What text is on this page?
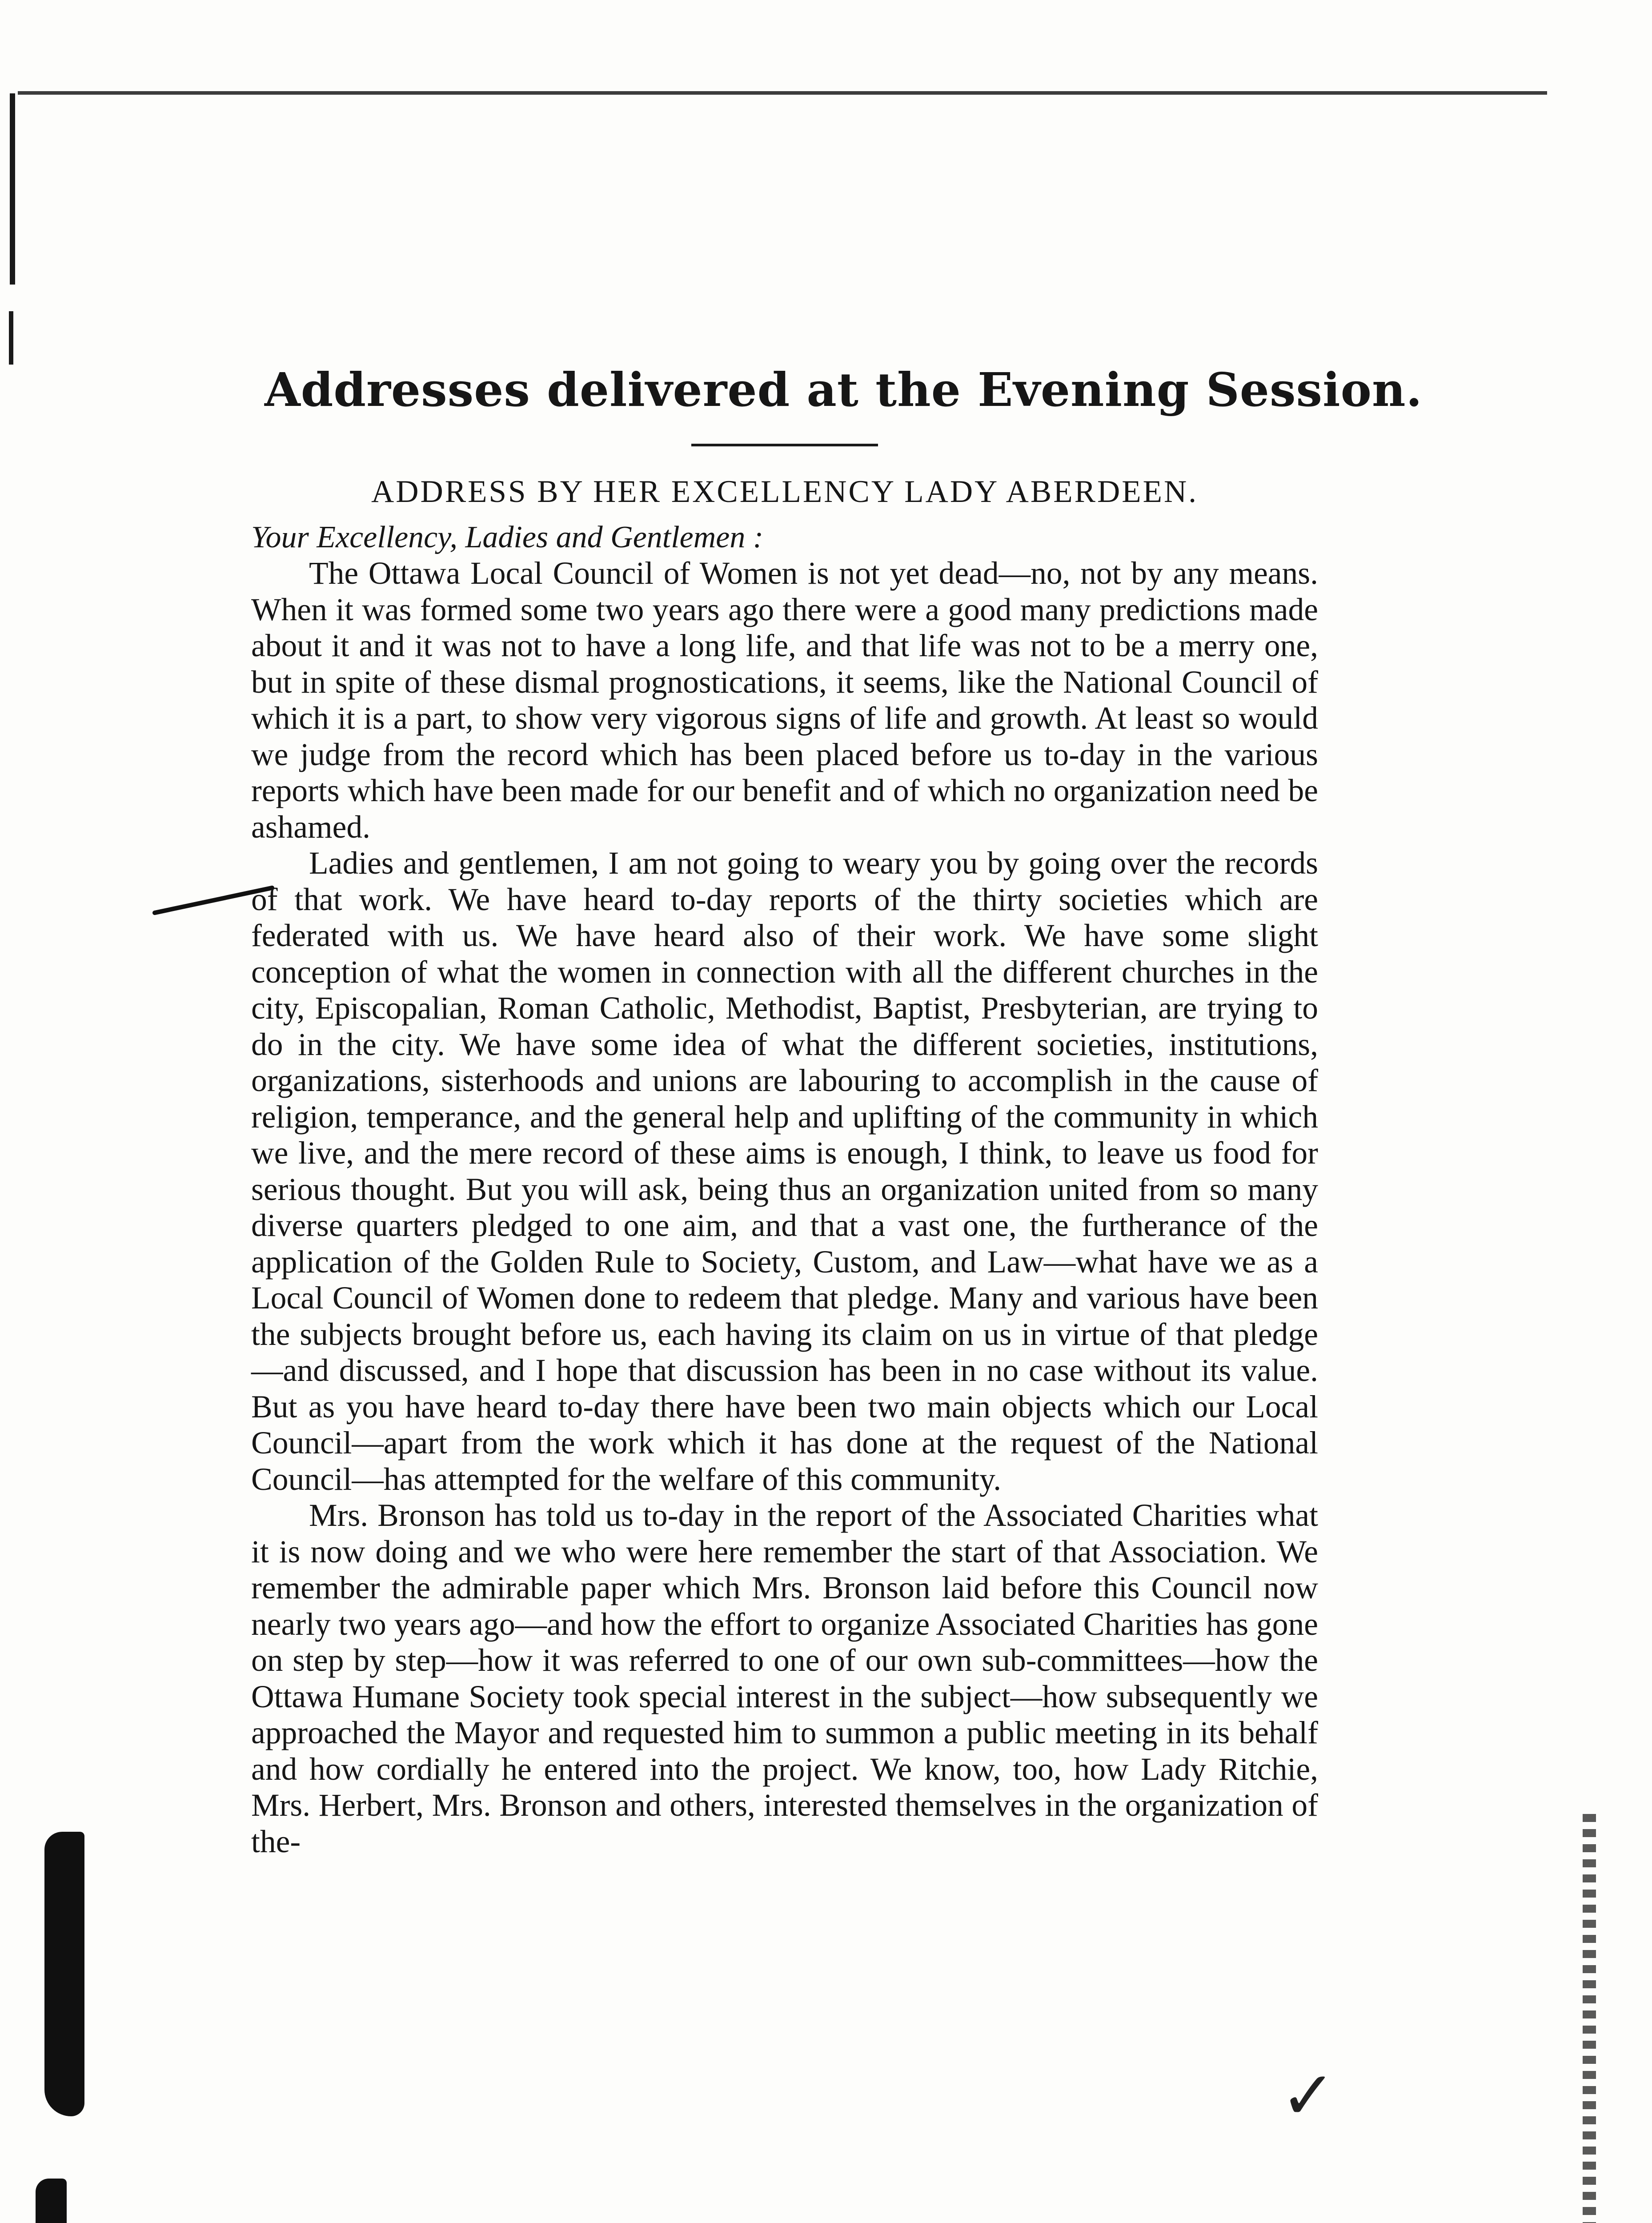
✓
Addresses delivered at the Evening Session.
ADDRESS BY HER EXCELLENCY LADY ABERDEEN.
Your Excellency, Ladies and Gentlemen :

The Ottawa Local Council of Women is not yet dead—no, not by any means. When it was formed some two years ago there were a good many predictions made about it and it was not to have a long life, and that life was not to be a merry one, but in spite of these dismal prognostications, it seems, like the National Council of which it is a part, to show very vigorous signs of life and growth. At least so would we judge from the record which has been placed before us to-day in the various reports which have been made for our benefit and of which no organization need be ashamed.

Ladies and gentlemen, I am not going to weary you by going over the records of that work. We have heard to-day reports of the thirty societies which are federated with us. We have heard also of their work. We have some slight conception of what the women in connection with all the different churches in the city, Episcopalian, Roman Catholic, Methodist, Baptist, Presbyterian, are trying to do in the city. We have some idea of what the different societies, institutions, organizations, sisterhoods and unions are labouring to accomplish in the cause of religion, temperance, and the general help and uplifting of the community in which we live, and the mere record of these aims is enough, I think, to leave us food for serious thought. But you will ask, being thus an organization united from so many diverse quarters pledged to one aim, and that a vast one, the furtherance of the application of the Golden Rule to Society, Custom, and Law—what have we as a Local Council of Women done to redeem that pledge. Many and various have been the subjects brought before us, each having its claim on us in virtue of that pledge—and discussed, and I hope that discussion has been in no case without its value. But as you have heard to-day there have been two main objects which our Local Council—apart from the work which it has done at the request of the National Council—has attempted for the welfare of this community.

Mrs. Bronson has told us to-day in the report of the Associated Charities what it is now doing and we who were here remember the start of that Association. We remember the admirable paper which Mrs. Bronson laid before this Council now nearly two years ago—and how the effort to organize Associated Charities has gone on step by step—how it was referred to one of our own sub-committees—how the Ottawa Humane Society took special interest in the subject—how subsequently we approached the Mayor and requested him to summon a public meeting in its behalf and how cordially he entered into the project. We know, too, how Lady Ritchie, Mrs. Herbert, Mrs. Bronson and others, interested themselves in the organization of the-
